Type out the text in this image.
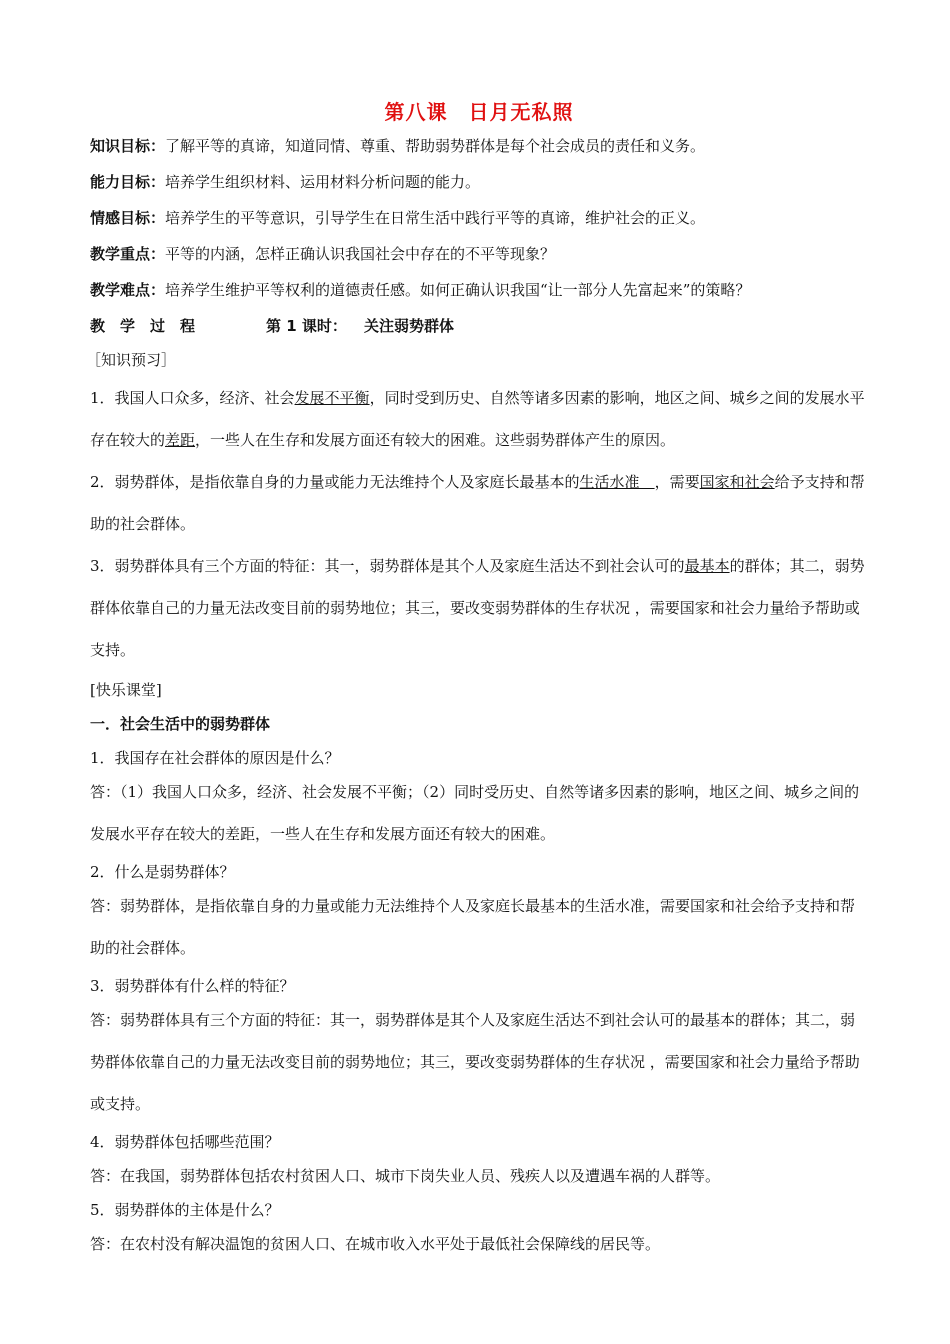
第八课　日月无私照
知识目标：了解平等的真谛，知道同情、尊重、帮助弱势群体是每个社会成员的责任和义务。
能力目标：培养学生组织材料、运用材料分析问题的能力。
情感目标：培养学生的平等意识，引导学生在日常生活中践行平等的真谛，维护社会的正义。
教学重点：平等的内涵，怎样正确认识我国社会中存在的不平等现象？
教学难点：培养学生维护平等权利的道德责任感。如何正确认识我国“让一部分人先富起来”的策略？
教　学　过　程	第 1 课时： 关注弱势群体
［知识预习］

1．我国人口众多，经济、社会发展不平衡，同时受到历史、自然等诸多因素的影响，地区之间、城乡之间的发展水平存在较大的差距，一些人在生存和发展方面还有较大的困难。这些弱势群体产生的原因。

2．弱势群体，是指依靠自身的力量或能力无法维持个人及家庭长最基本的生活水准　，需要国家和社会给予支持和帮助的社会群体。

3．弱势群体具有三个方面的特征：其一，弱势群体是其个人及家庭生活达不到社会认可的最基本的群体；其二，弱势群体依靠自己的力量无法改变目前的弱势地位；其三，要改变弱势群体的生存状况 ，需要国家和社会力量给予帮助或支持。

[快乐课堂]
一．社会生活中的弱势群体
1．我国存在社会群体的原因是什么？

答：（1）我国人口众多，经济、社会发展不平衡；（2）同时受历史、自然等诸多因素的影响，地区之间、城乡之间的发展水平存在较大的差距，一些人在生存和发展方面还有较大的困难。

2．什么是弱势群体？

答：弱势群体，是指依靠自身的力量或能力无法维持个人及家庭长最基本的生活水准，需要国家和社会给予支持和帮助的社会群体。

3．弱势群体有什么样的特征？

答：弱势群体具有三个方面的特征：其一，弱势群体是其个人及家庭生活达不到社会认可的最基本的群体；其二，弱势群体依靠自己的力量无法改变目前的弱势地位；其三，要改变弱势群体的生存状况 ，需要国家和社会力量给予帮助或支持。

4．弱势群体包括哪些范围？
答：在我国，弱势群体包括农村贫困人口、城市下岗失业人员、残疾人以及遭遇车祸的人群等。
5．弱势群体的主体是什么？
答：在农村没有解决温饱的贫困人口、在城市收入水平处于最低社会保障线的居民等。
